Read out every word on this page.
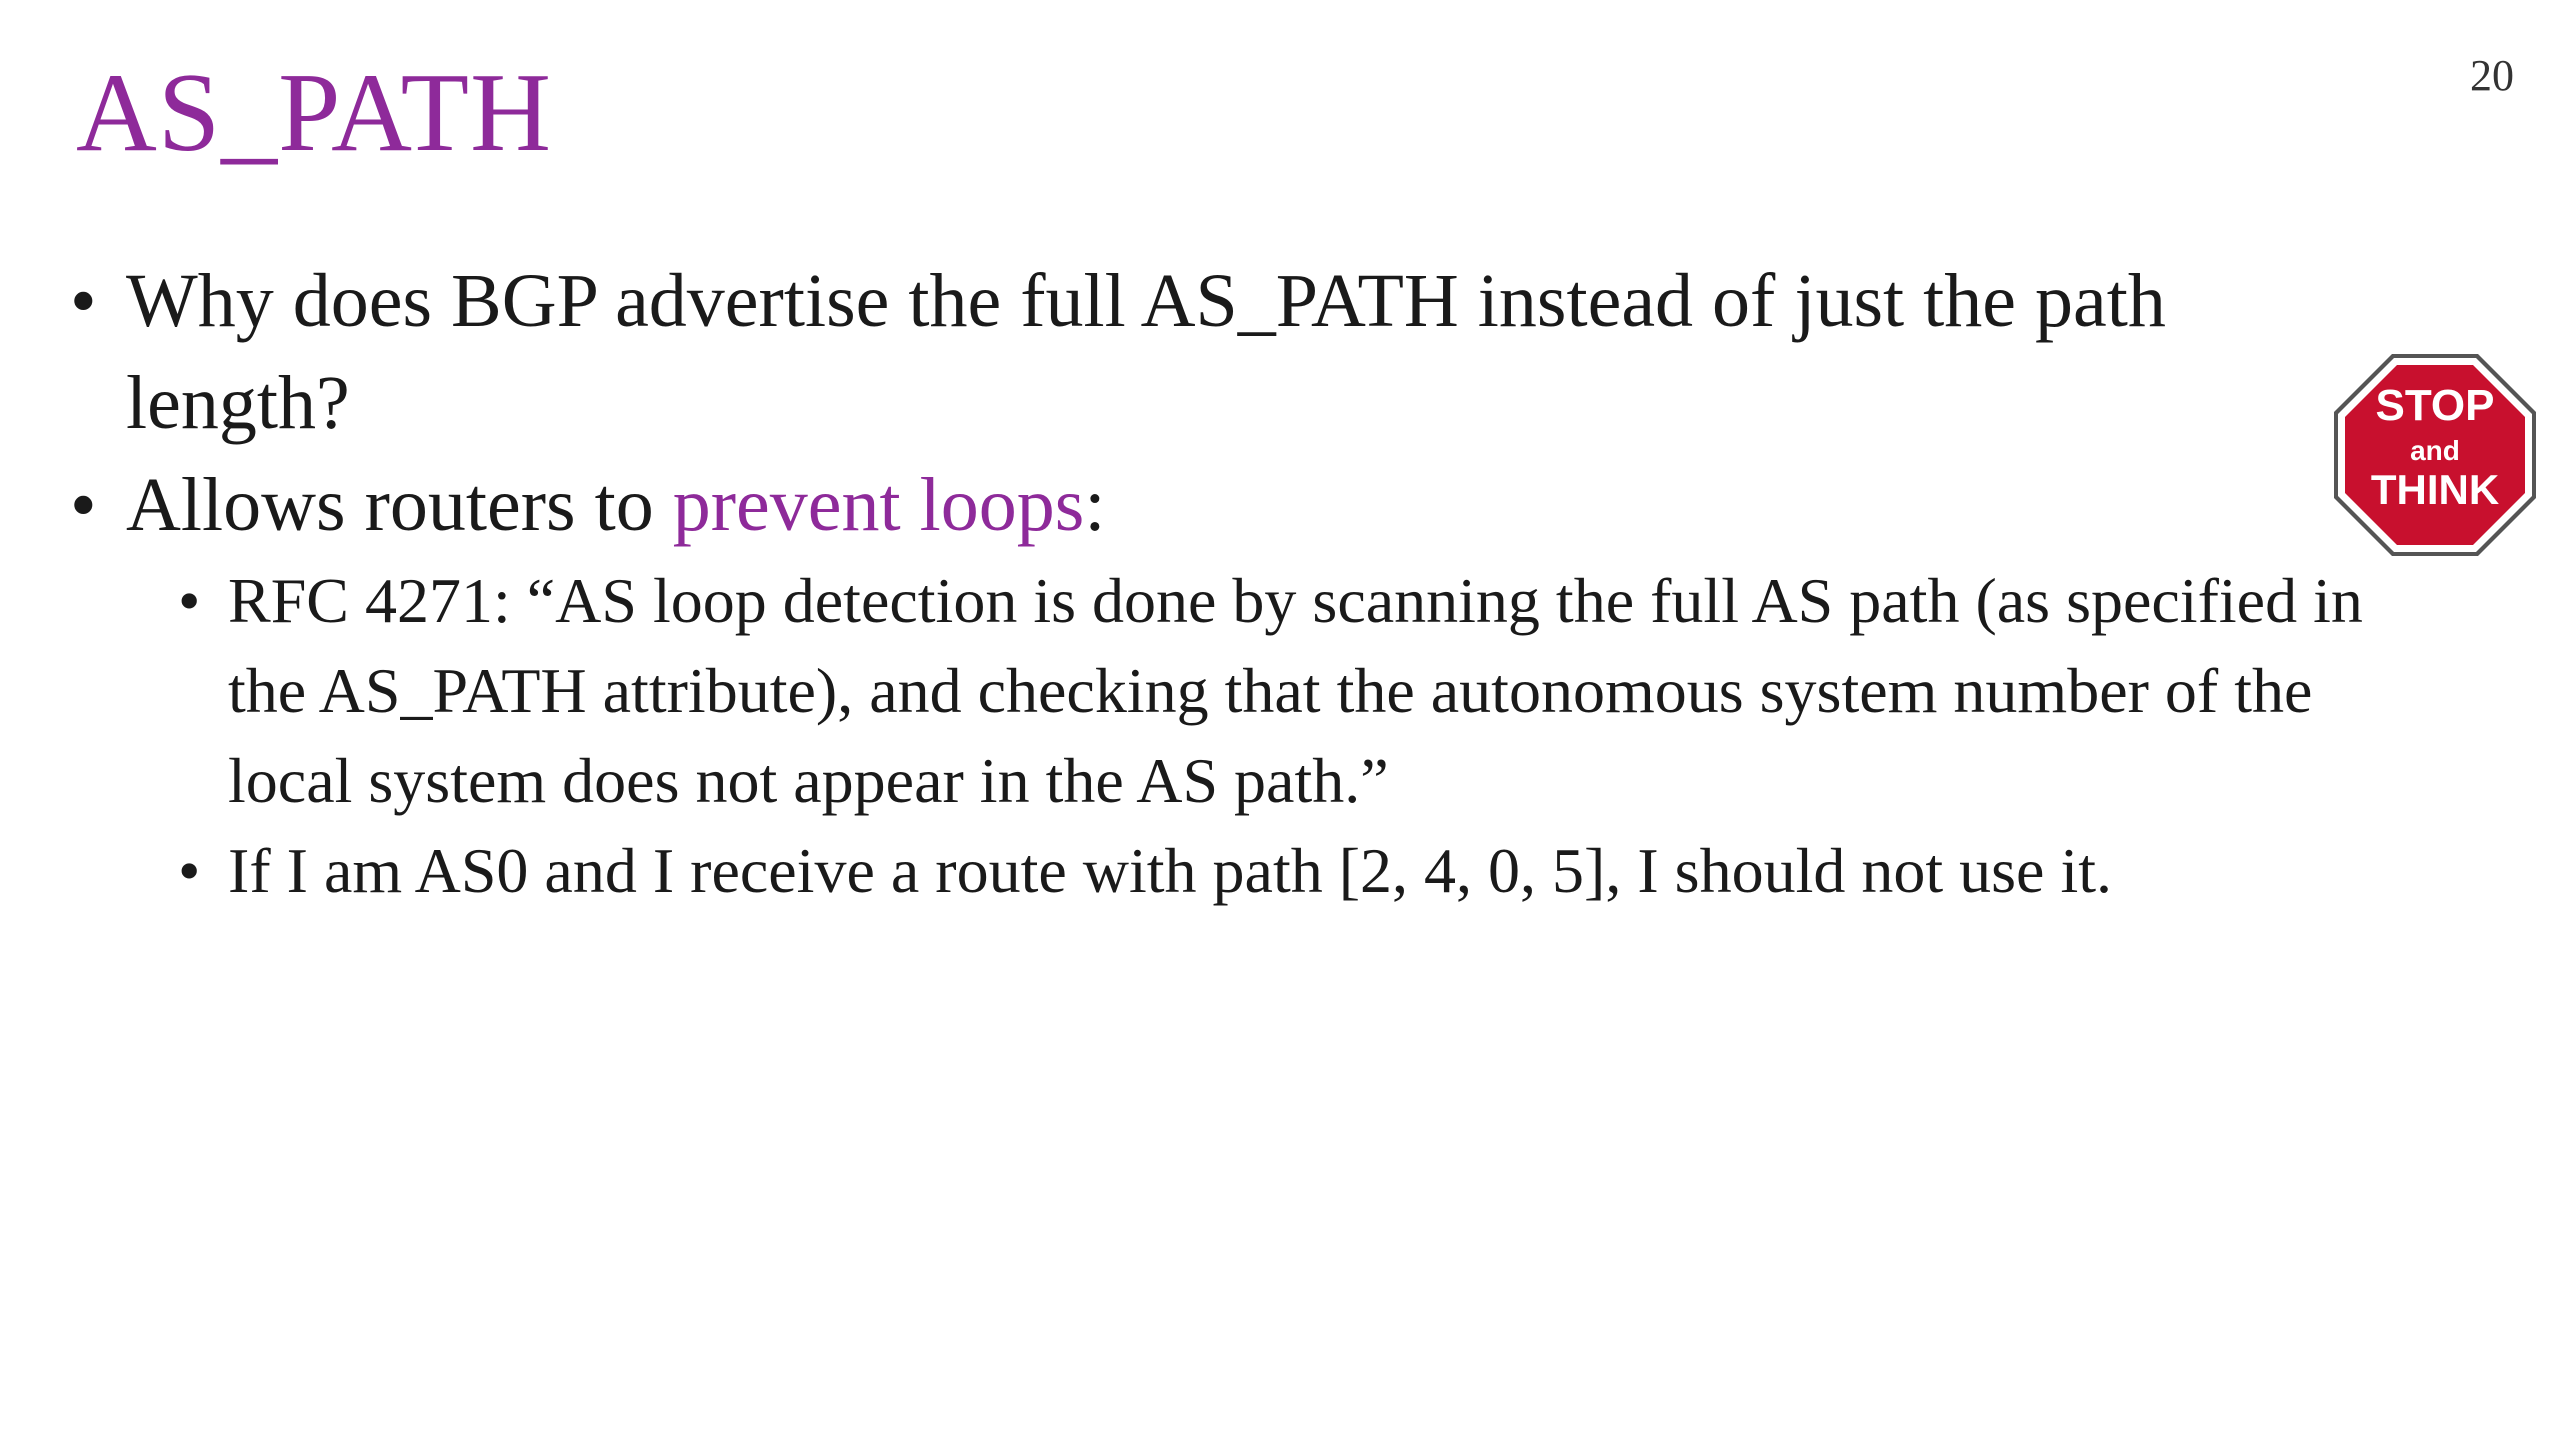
20
AS_PATH
• Why does BGP advertise the full AS_PATH instead of just the path length?
• Allows routers to prevent loops:
• RFC 4271: “AS loop detection is done by scanning the full AS path (as specified in the AS_PATH attribute), and checking that the autonomous system number of the local system does not appear in the AS path.”
• If I am AS0 and I receive a route with path [2, 4, 0, 5], I should not use it.
STOP
and
THINK
